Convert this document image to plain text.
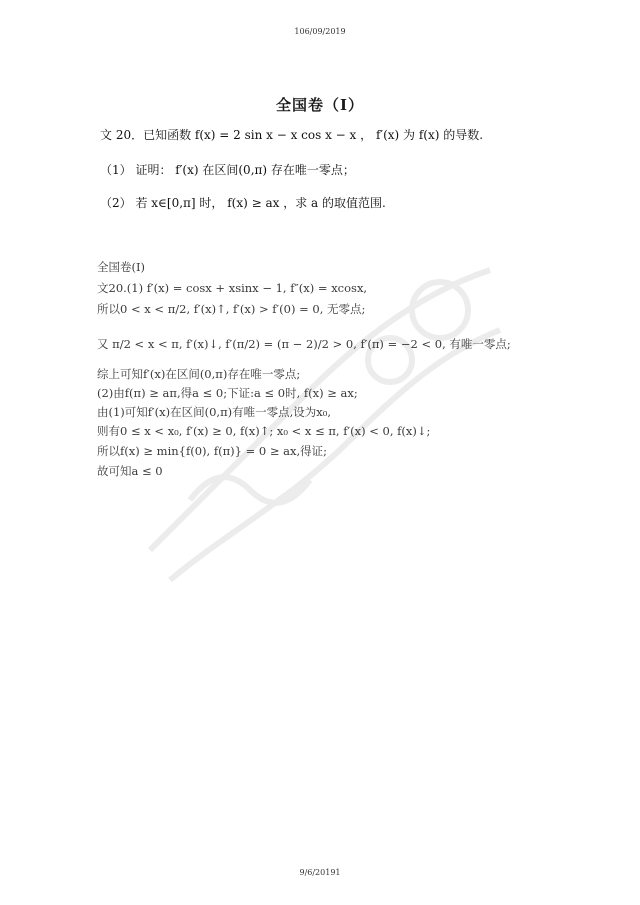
106/09/2019
全国卷（Ⅰ）
文 20．已知函数 f(x) = 2 sin x − x cos x − x ， f′(x) 为 f(x) 的导数.
（1） 证明： f′(x) 在区间(0,π) 存在唯一零点；
（2） 若 x∈[0,π] 时， f(x) ≥ ax ，求 a 的取值范围.
全国卷(I)
文20.(1) f′(x) = cosx + xsinx − 1, f″(x) = xcosx,
所以0 < x < π/2, f′(x)↑, f′(x) > f′(0) = 0, 无零点;
又 π/2 < x < π, f′(x)↓, f′(π/2) = (π − 2)/2 > 0, f′(π) = −2 < 0, 有唯一零点;
综上可知f′(x)在区间(0,π)存在唯一零点;
(2)由f(π) ≥ aπ,得a ≤ 0;下证:a ≤ 0时, f(x) ≥ ax;
由(1)可知f′(x)在区间(0,π)有唯一零点,设为x₀,
则有0 ≤ x < x₀, f′(x) ≥ 0, f(x)↑; x₀ < x ≤ π, f′(x) < 0, f(x)↓;
所以f(x) ≥ min{f(0), f(π)} = 0 ≥ ax,得证;
故可知a ≤ 0
9/6/20191
